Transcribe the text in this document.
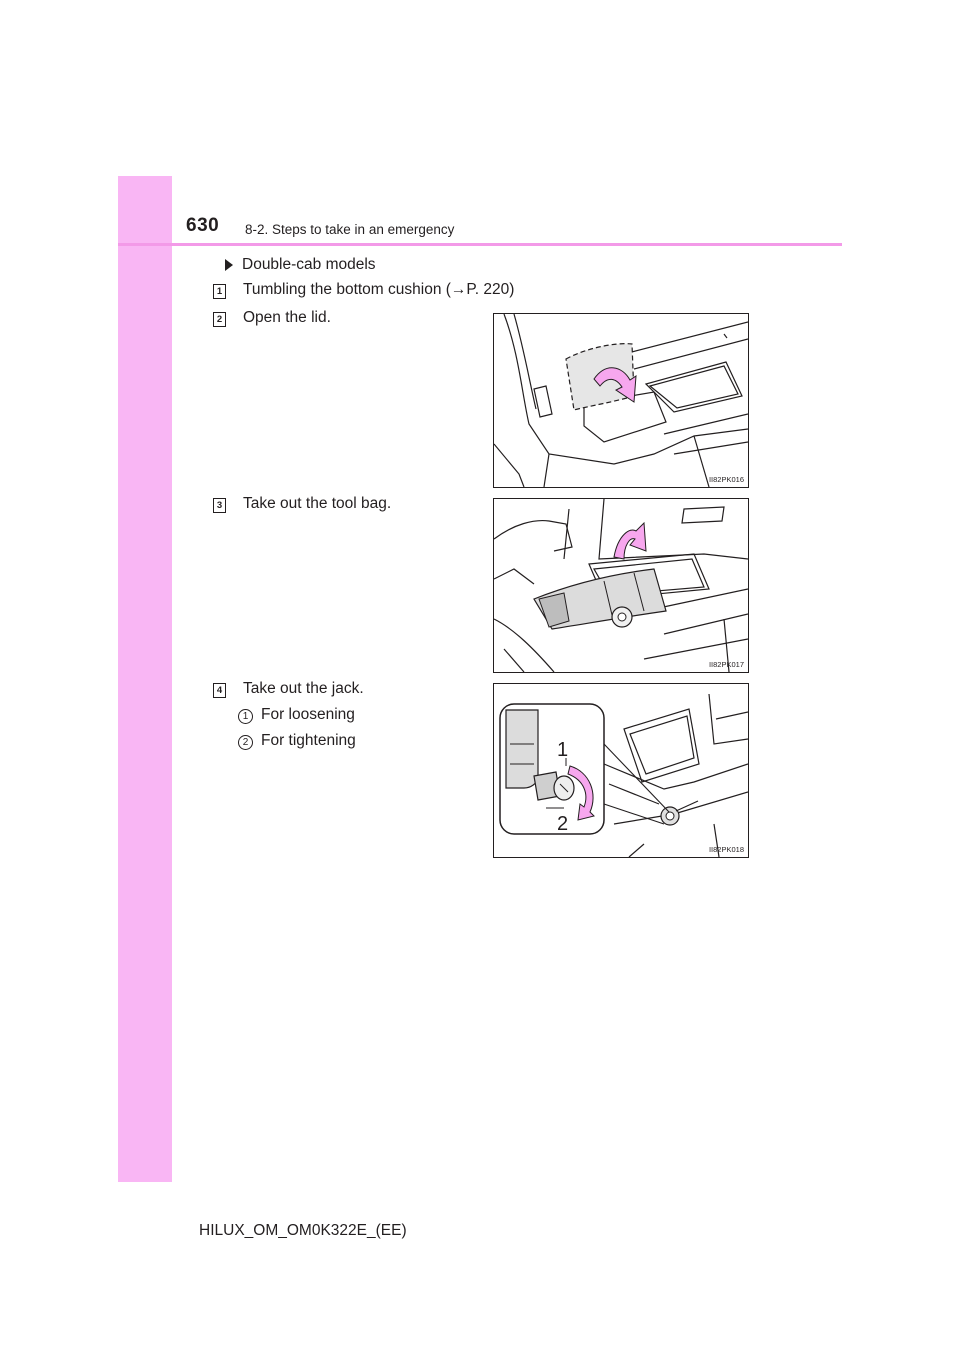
630 8-2. Steps to take in an emergency
Double-cab models
1 Tumbling the bottom cushion (→P. 220)
2 Open the lid.
3 Take out the tool bag.
4 Take out the jack.
1 For loosening
2 For tightening
II82PK016
II82PK017
1
2
II82PK018
HILUX_OM_OM0K322E_(EE)
